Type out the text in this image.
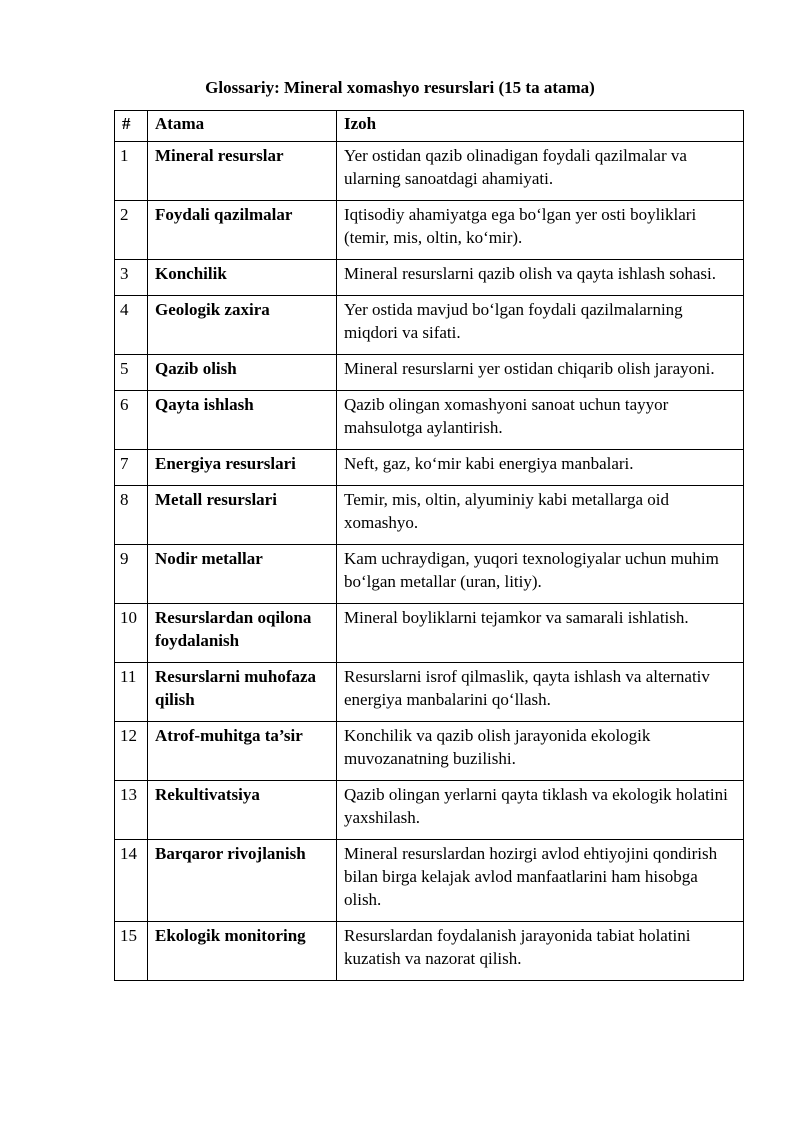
Glossariy: Mineral xomashyo resurslari (15 ta atama)
#	Atama	Izoh
1	Mineral resurslar	Yer ostidan qazib olinadigan foydali qazilmalar va ularning sanoatdagi ahamiyati.
2	Foydali qazilmalar	Iqtisodiy ahamiyatga ega bo‘lgan yer osti boyliklari (temir, mis, oltin, ko‘mir).
3	Konchilik	Mineral resurslarni qazib olish va qayta ishlash sohasi.
4	Geologik zaxira	Yer ostida mavjud bo‘lgan foydali qazilmalarning miqdori va sifati.
5	Qazib olish	Mineral resurslarni yer ostidan chiqarib olish jarayoni.
6	Qayta ishlash	Qazib olingan xomashyoni sanoat uchun tayyor mahsulotga aylantirish.
7	Energiya resurslari	Neft, gaz, ko‘mir kabi energiya manbalari.
8	Metall resurslari	Temir, mis, oltin, alyuminiy kabi metallarga oid xomashyo.
9	Nodir metallar	Kam uchraydigan, yuqori texnologiyalar uchun muhim bo‘lgan metallar (uran, litiy).
10	Resurslardan oqilona foydalanish	Mineral boyliklarni tejamkor va samarali ishlatish.
11	Resurslarni muhofaza qilish	Resurslarni isrof qilmaslik, qayta ishlash va alternativ energiya manbalarini qo‘llash.
12	Atrof-muhitga ta’sir	Konchilik va qazib olish jarayonida ekologik muvozanatning buzilishi.
13	Rekultivatsiya	Qazib olingan yerlarni qayta tiklash va ekologik holatini yaxshilash.
14	Barqaror rivojlanish	Mineral resurslardan hozirgi avlod ehtiyojini qondirish bilan birga kelajak avlod manfaatlarini ham hisobga olish.
15	Ekologik monitoring	Resurslardan foydalanish jarayonida tabiat holatini kuzatish va nazorat qilish.
